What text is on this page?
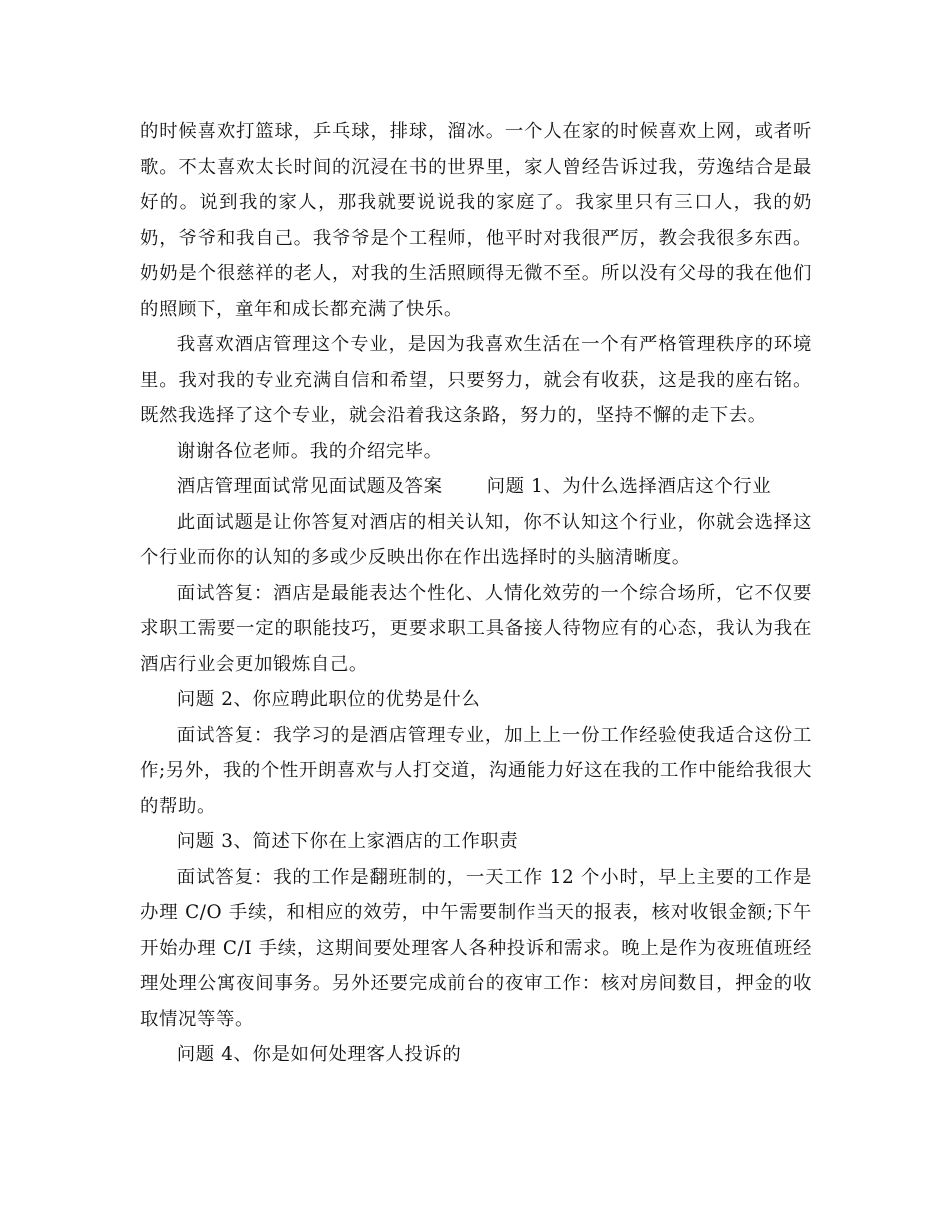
的时候喜欢打篮球，乒乓球，排球，溜冰。一个人在家的时候喜欢上网，或者听歌。不太喜欢太长时间的沉浸在书的世界里，家人曾经告诉过我，劳逸结合是最好的。说到我的家人，那我就要说说我的家庭了。我家里只有三口人，我的奶奶，爷爷和我自己。我爷爷是个工程师，他平时对我很严厉，教会我很多东西。奶奶是个很慈祥的老人，对我的生活照顾得无微不至。所以没有父母的我在他们的照顾下，童年和成长都充满了快乐。

我喜欢酒店管理这个专业，是因为我喜欢生活在一个有严格管理秩序的环境里。我对我的专业充满自信和希望，只要努力，就会有收获，这是我的座右铭。既然我选择了这个专业，就会沿着我这条路，努力的，坚持不懈的走下去。

谢谢各位老师。我的介绍完毕。

酒店管理面试常见面试题及答案 问题 1、为什么选择酒店这个行业

此面试题是让你答复对酒店的相关认知，你不认知这个行业，你就会选择这个行业而你的认知的多或少反映出你在作出选择时的头脑清晰度。

面试答复：酒店是最能表达个性化、人情化效劳的一个综合场所，它不仅要求职工需要一定的职能技巧，更要求职工具备接人待物应有的心态，我认为我在酒店行业会更加锻炼自己。

问题 2、你应聘此职位的优势是什么

面试答复：我学习的是酒店管理专业，加上上一份工作经验使我适合这份工作;另外，我的个性开朗喜欢与人打交道，沟通能力好这在我的工作中能给我很大的帮助。

问题 3、简述下你在上家酒店的工作职责

面试答复：我的工作是翻班制的，一天工作 12 个小时，早上主要的工作是办理 C/O 手续，和相应的效劳，中午需要制作当天的报表，核对收银金额;下午开始办理 C/I 手续，这期间要处理客人各种投诉和需求。晚上是作为夜班值班经理处理公寓夜间事务。另外还要完成前台的夜审工作：核对房间数目，押金的收取情况等等。

问题 4、你是如何处理客人投诉的
